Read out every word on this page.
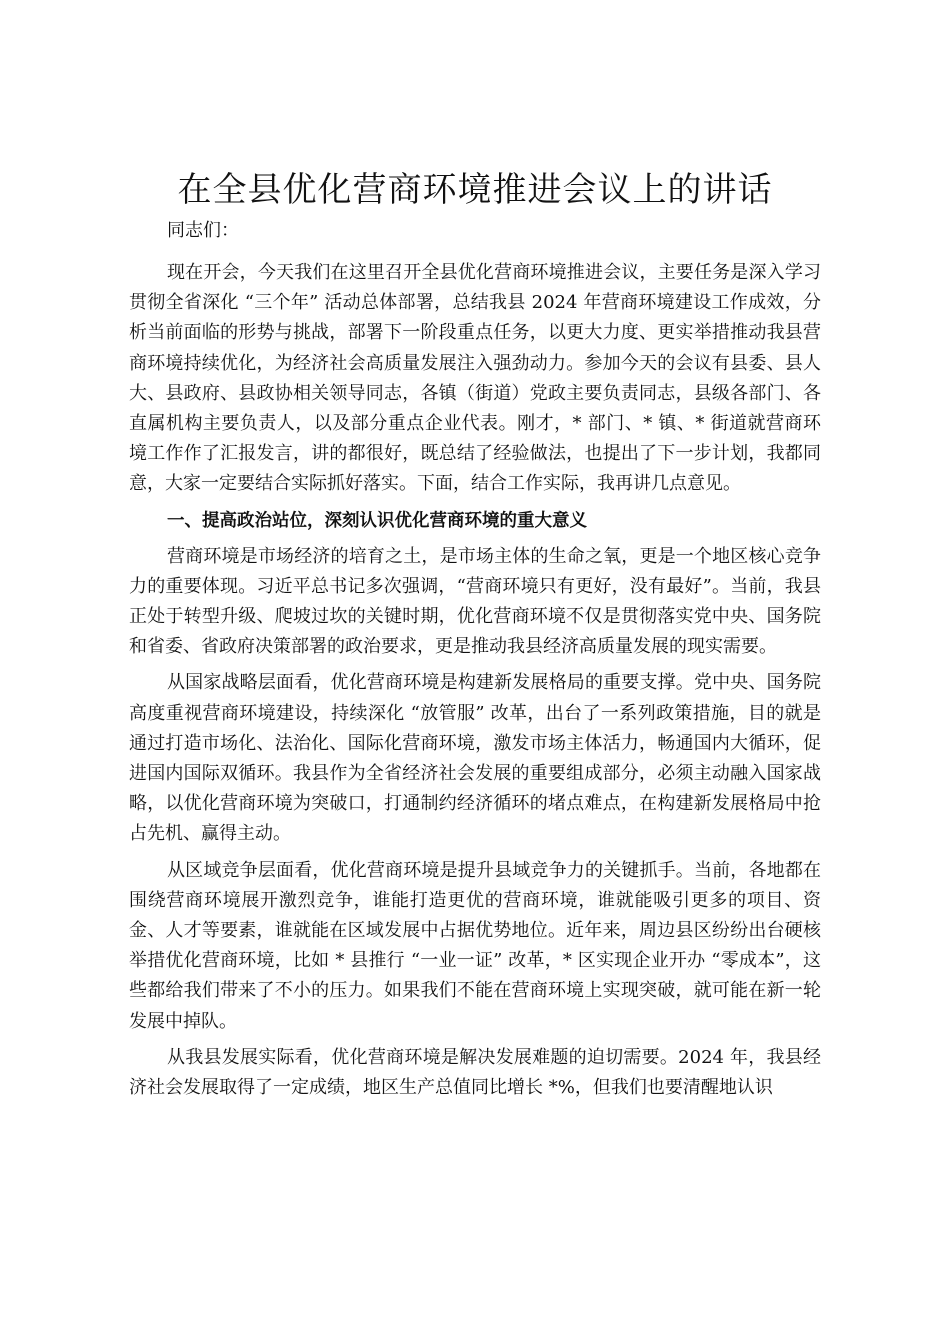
在全县优化营商环境推进会议上的讲话

同志们：

现在开会，今天我们在这里召开全县优化营商环境推进会议，主要任务是深入学习贯彻全省深化 “三个年” 活动总体部署，总结我县 2024 年营商环境建设工作成效，分析当前面临的形势与挑战，部署下一阶段重点任务，以更大力度、更实举措推动我县营商环境持续优化，为经济社会高质量发展注入强劲动力。参加今天的会议有县委、县人大、县政府、县政协相关领导同志，各镇（街道）党政主要负责同志，县级各部门、各直属机构主要负责人，以及部分重点企业代表。刚才，* 部门、* 镇、* 街道就营商环境工作作了汇报发言，讲的都很好，既总结了经验做法，也提出了下一步计划，我都同意，大家一定要结合实际抓好落实。下面，结合工作实际，我再讲几点意见。

一、提高政治站位，深刻认识优化营商环境的重大意义

营商环境是市场经济的培育之土，是市场主体的生命之氧，更是一个地区核心竞争力的重要体现。习近平总书记多次强调，“营商环境只有更好，没有最好”。当前，我县正处于转型升级、爬坡过坎的关键时期，优化营商环境不仅是贯彻落实党中央、国务院和省委、省政府决策部署的政治要求，更是推动我县经济高质量发展的现实需要。

从国家战略层面看，优化营商环境是构建新发展格局的重要支撑。党中央、国务院高度重视营商环境建设，持续深化 “放管服” 改革，出台了一系列政策措施，目的就是通过打造市场化、法治化、国际化营商环境，激发市场主体活力，畅通国内大循环，促进国内国际双循环。我县作为全省经济社会发展的重要组成部分，必须主动融入国家战略，以优化营商环境为突破口，打通制约经济循环的堵点难点，在构建新发展格局中抢占先机、赢得主动。

从区域竞争层面看，优化营商环境是提升县域竞争力的关键抓手。当前，各地都在围绕营商环境展开激烈竞争，谁能打造更优的营商环境，谁就能吸引更多的项目、资金、人才等要素，谁就能在区域发展中占据优势地位。近年来，周边县区纷纷出台硬核举措优化营商环境，比如 * 县推行 “一业一证” 改革，* 区实现企业开办 “零成本”，这些都给我们带来了不小的压力。如果我们不能在营商环境上实现突破，就可能在新一轮发展中掉队。

从我县发展实际看，优化营商环境是解决发展难题的迫切需要。2024 年，我县经济社会发展取得了一定成绩，地区生产总值同比增长 *%，但我们也要清醒地认识
